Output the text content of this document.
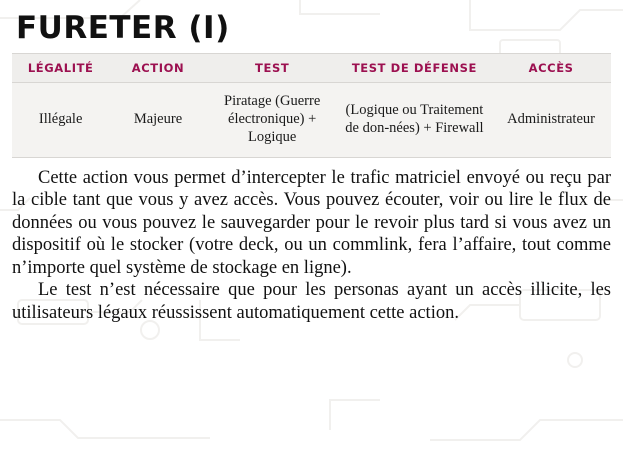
FURETER (I)
LÉGALITÉ	ACTION	TEST	TEST DE DÉFENSE	ACCÈS
Illégale	Majeure	Piratage (Guerre électronique) + Logique	(Logique ou Traitement de don-nées) + Firewall	Administrateur

Cette action vous permet d’intercepter le trafic matriciel envoyé ou reçu par la cible tant que vous y avez accès. Vous pouvez écouter, voir ou lire le flux de données ou vous pouvez le sauvegarder pour le revoir plus tard si vous avez un dispositif où le stocker (votre deck, ou un commlink, fera l’affaire, tout comme n’importe quel système de stockage en ligne).

Le test n’est nécessaire que pour les personas ayant un accès illicite, les utilisateurs légaux réussissent automatiquement cette action.
